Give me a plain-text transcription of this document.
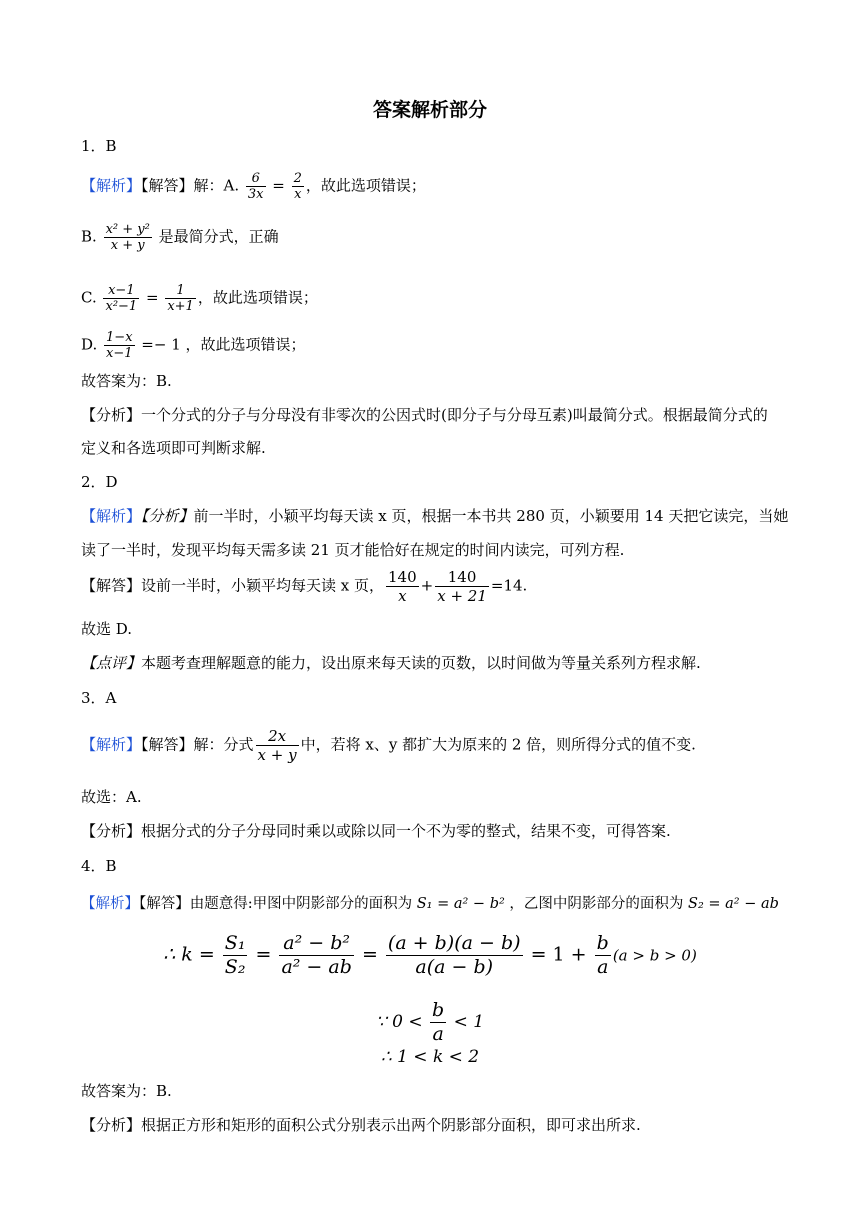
答案解析部分
1．B
【解析】【解答】解：A. $\frac{6}{3x} = \frac{2}{x}$ ，故此选项错误；
B. $\frac{\text{x² + y²}}{x + y}$ 是最简分式，正确
C. $\frac{x-1}{\text{x²−1}} = \frac{1}{x+1}$ ，故此选项错误；
D. $\frac{1-x}{x-1} =- 1$ ，故此选项错误；
故答案为：B.
【分析】一个分式的分子与分母没有非零次的公因式时(即分子与分母互素)叫最简分式。根据最简分式的
定义和各选项即可判断求解.
2．D
【解析】【分析】前一半时，小颖平均每天读 x 页，根据一本书共 280 页，小颖要用 14 天把它读完，当她
读了一半时，发现平均每天需多读 21 页才能恰好在规定的时间内读完，可列方程.
【解答】设前一半时，小颖平均每天读 x 页， $\frac{140}{x} + \frac{140}{x + 21} =14$.
故选 D.
【点评】本题考查理解题意的能力，设出原来每天读的页数，以时间做为等量关系列方程求解.
3．A
【解析】【解答】解：分式 $\frac{2x}{x + y}$ 中，若将 x、y 都扩大为原来的 2 倍，则所得分式的值不变.
故选：A.
【分析】根据分式的分子分母同时乘以或除以同一个不为零的整式，结果不变，可得答案.
4．B
【解析】【解答】由题意得:甲图中阴影部分的面积为 S₁ = a² − b² ，乙图中阴影部分的面积为 S₂ = a² − ab
∴ $k = \frac{\text{S₁}}{\text{S₂}} = \frac{\text{a² − b²}}{\text{a² − ab}} = \frac{(a + b)(a - b)}{a(a - b)} = 1 + \frac{b}{a} (a > b > 0)$
∵ $0 < \frac{b}{a} < 1$
∴ 1 < k < 2
故答案为：B.
【分析】根据正方形和矩形的面积公式分别表示出两个阴影部分面积，即可求出所求.
